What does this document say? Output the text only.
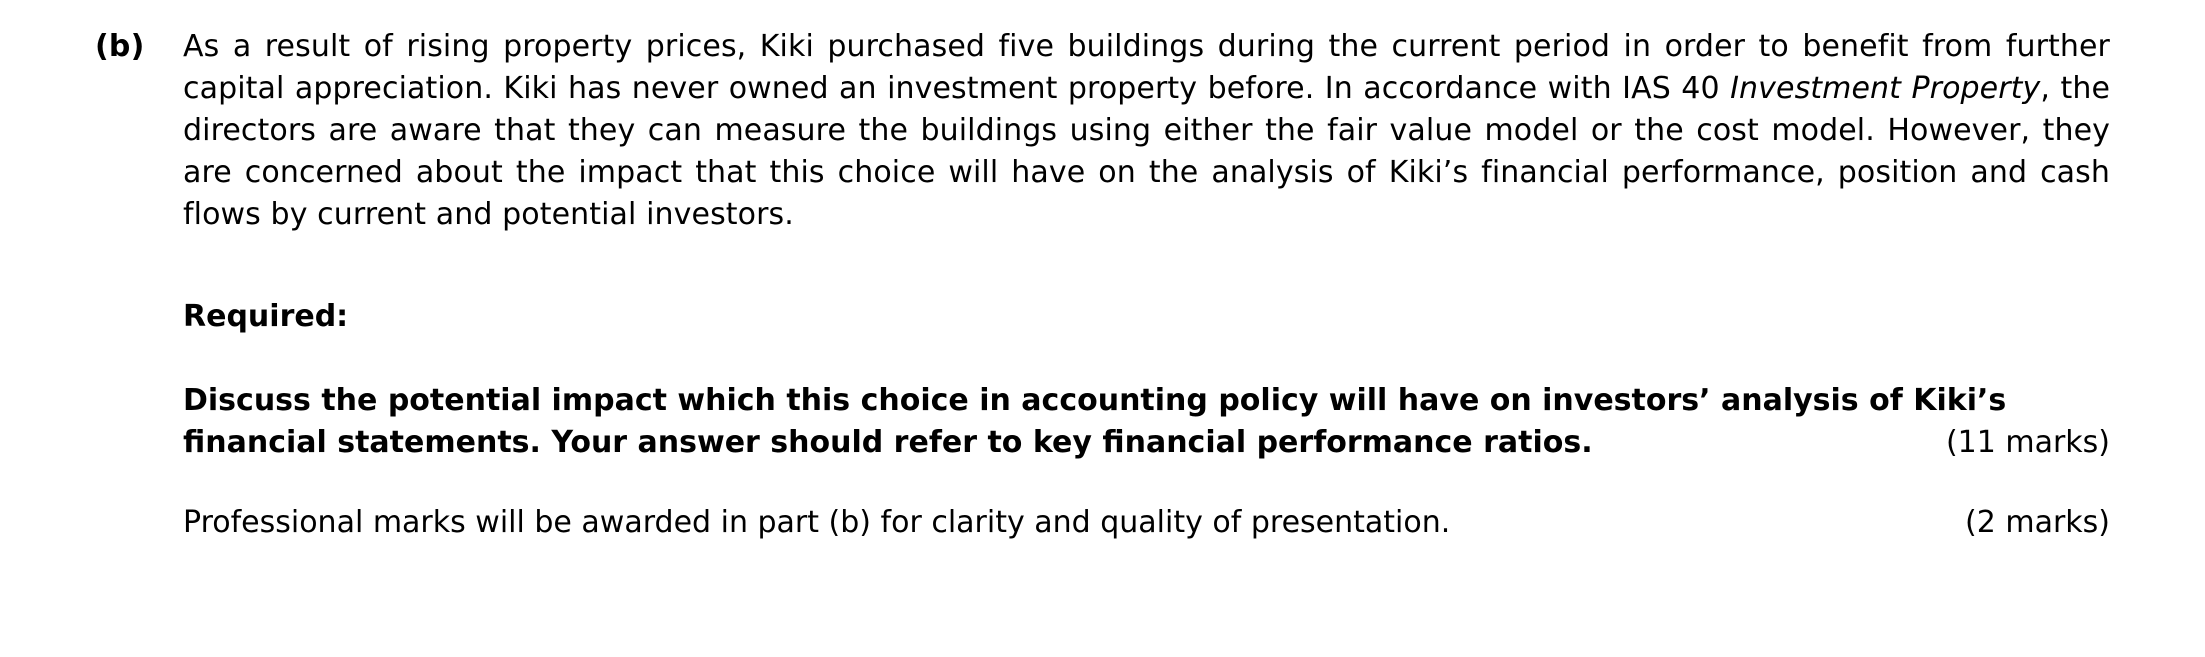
(b)	As a result of rising property prices, Kiki purchased five buildings during the current period in order to benefit from further capital appreciation. Kiki has never owned an investment property before. In accordance with IAS 40 Investment Property, the directors are aware that they can measure the buildings using either the fair value model or the cost model. However, they are concerned about the impact that this choice will have on the analysis of Kiki’s financial performance, position and cash flows by current and potential investors.

Required:
Discuss the potential impact which this choice in accounting policy will have on investors’ analysis of Kiki’s
financial statements. Your answer should refer to key financial performance ratios.	(11 marks)
Professional marks will be awarded in part (b) for clarity and quality of presentation.	(2 marks)
